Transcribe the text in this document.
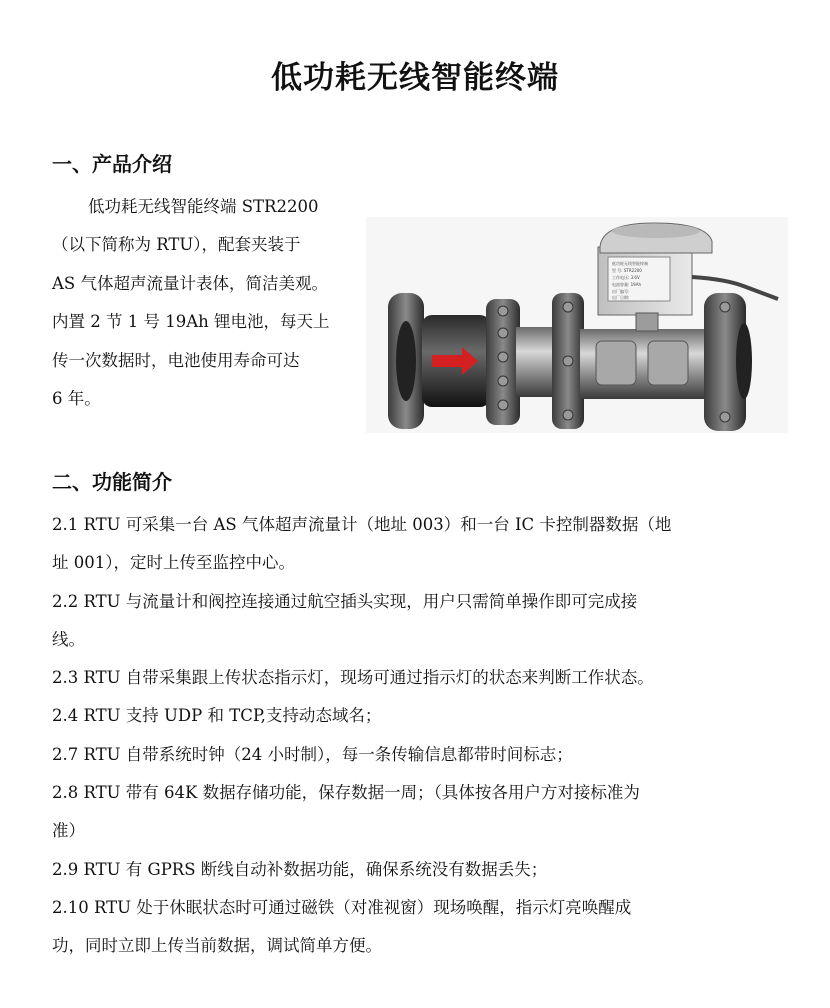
低功耗无线智能终端
一、产品介绍

低功耗无线智能终端 STR2200

（以下简称为 RTU），配套夹装于

AS 气体超声流量计表体，简洁美观。

内置 2 节 1 号 19Ah 锂电池，每天上

传一次数据时，电池使用寿命可达

6 年。

低功耗无线智能终端
型 号: STR2200
工作电压: 3.6V
电池容量: 19Ah
出厂编号:
出厂日期:
二、功能简介

2.1 RTU 可采集一台 AS 气体超声流量计（地址 003）和一台 IC 卡控制器数据（地

址 001），定时上传至监控中心。

2.2 RTU 与流量计和阀控连接通过航空插头实现，用户只需简单操作即可完成接

线。

2.3 RTU 自带采集跟上传状态指示灯，现场可通过指示灯的状态来判断工作状态。

2.4 RTU 支持 UDP 和 TCP,支持动态域名；

2.7 RTU 自带系统时钟（24 小时制），每一条传输信息都带时间标志；

2.8 RTU 带有 64K 数据存储功能，保存数据一周；（具体按各用户方对接标准为

准）

2.9 RTU 有 GPRS 断线自动补数据功能，确保系统没有数据丢失；

2.10 RTU 处于休眠状态时可通过磁铁（对准视窗）现场唤醒，指示灯亮唤醒成

功，同时立即上传当前数据，调试简单方便。
